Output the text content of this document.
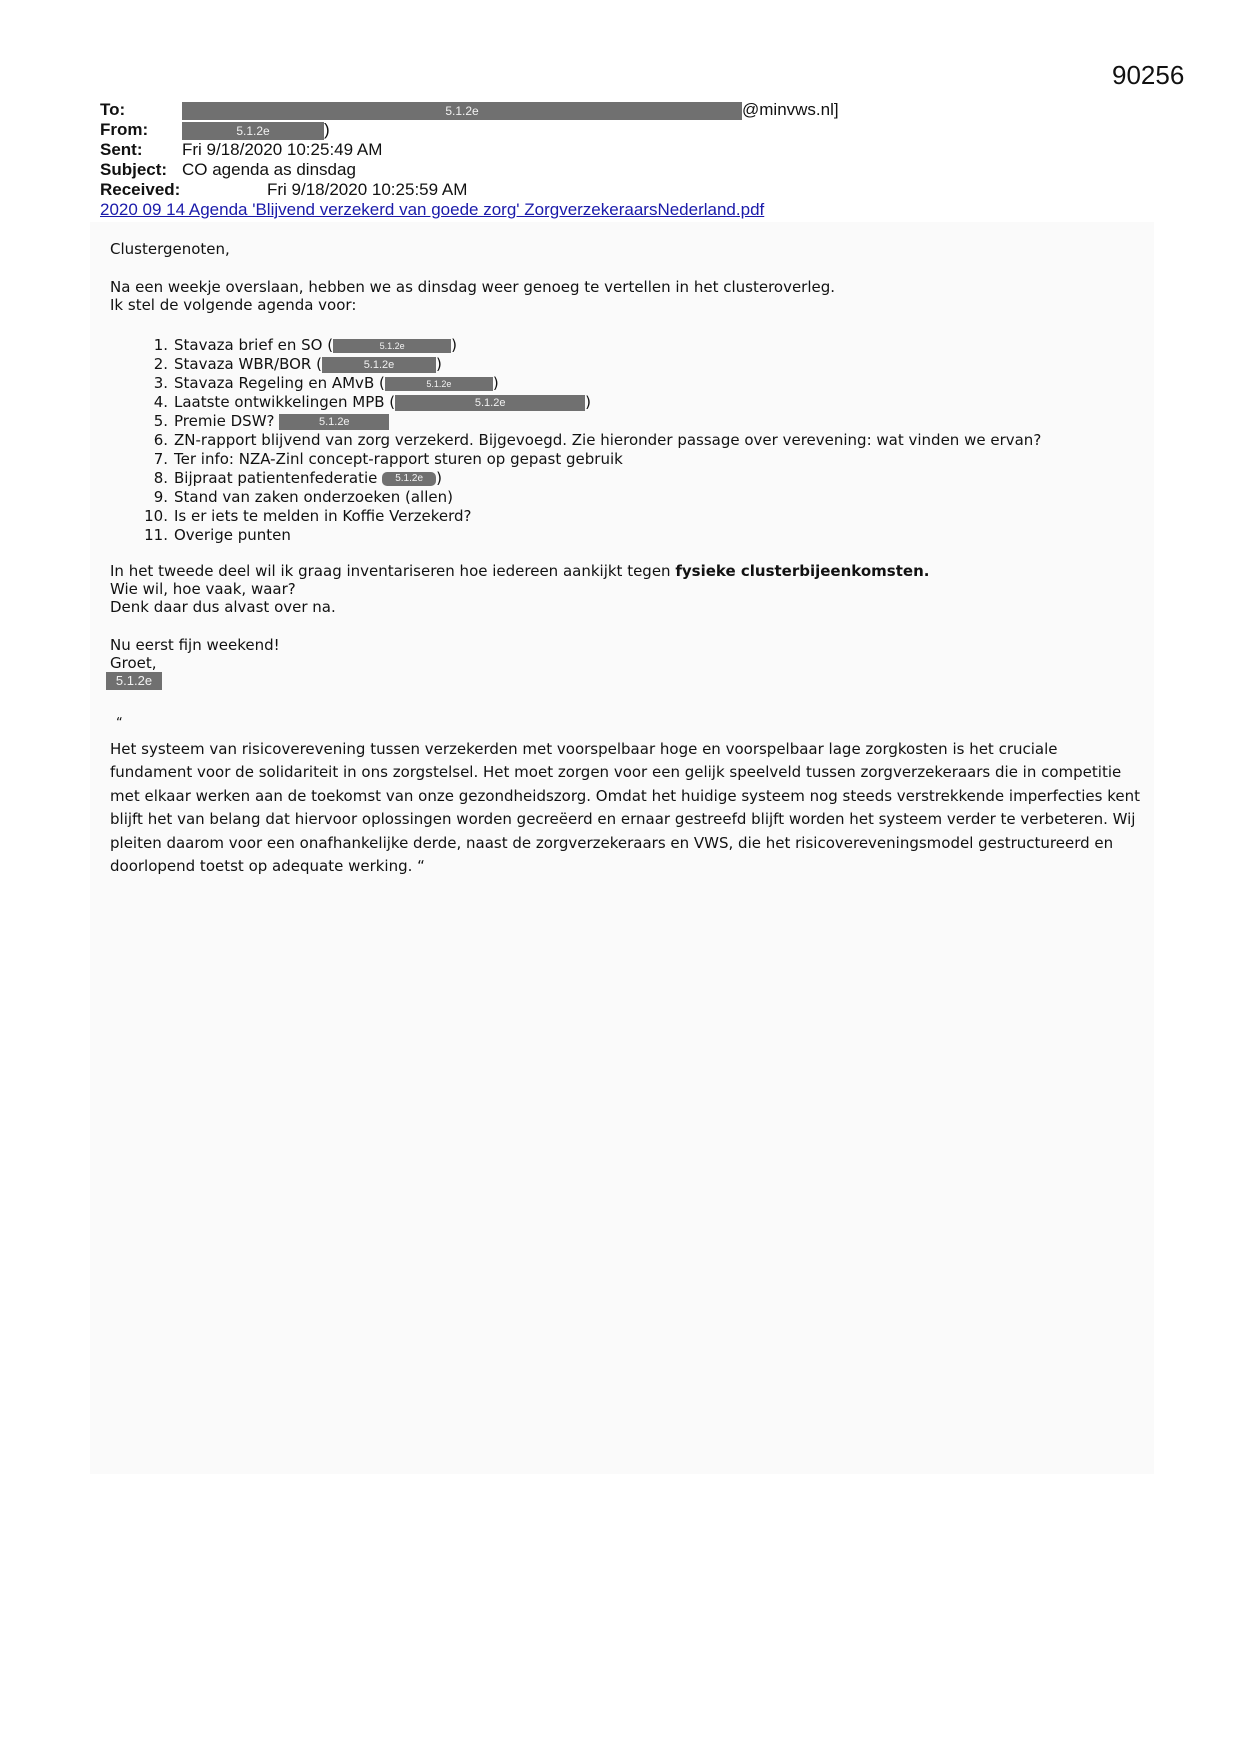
90256
To:	5.1.2e	@minvws.nl]
From:	5.1.2e	)
Sent: Fri 9/18/2020 10:25:49 AM
Subject: CO agenda as dinsdag
Received:	Fri 9/18/2020 10:25:59 AM
2020 09 14 Agenda 'Blijvend verzekerd van goede zorg' ZorgverzekeraarsNederland.pdf
Clustergenoten,
Na een weekje overslaan, hebben we as dinsdag weer genoeg te vertellen in het clusteroverleg.
Ik stel de volgende agenda voor:
1. Stavaza brief en SO (	5.1.2e	)
2. Stavaza WBR/BOR (	5.1.2e	)
3. Stavaza Regeling en AMvB (	5.1.2e	)
4. Laatste ontwikkelingen MPB (	5.1.2e	)
5. Premie DSW?	5.1.2e
6. ZN-rapport blijvend van zorg verzekerd. Bijgevoegd. Zie hieronder passage over verevening: wat vinden we ervan?
7. Ter info: NZA-Zinl concept-rapport sturen op gepast gebruik
8. Bijpraat patientenfederatie 5.1.2e )
9. Stand van zaken onderzoeken (allen)
10. Is er iets te melden in Koffie Verzekerd?
11. Overige punten
In het tweede deel wil ik graag inventariseren hoe iedereen aankijkt tegen fysieke clusterbijeenkomsten.
Wie wil, hoe vaak, waar?
Denk daar dus alvast over na.
Nu eerst fijn weekend!
Groet,
5.1.2e
“
Het systeem van risicoverevening tussen verzekerden met voorspelbaar hoge en voorspelbaar lage zorgkosten is het cruciale fundament voor de solidariteit in ons zorgstelsel. Het moet zorgen voor een gelijk speelveld tussen zorgverzekeraars die in competitie met elkaar werken aan de toekomst van onze gezondheidszorg. Omdat het huidige systeem nog steeds verstrekkende imperfecties kent blijft het van belang dat hiervoor oplossingen worden gecreëerd en ernaar gestreefd blijft worden het systeem verder te verbeteren. Wij pleiten daarom voor een onafhankelijke derde, naast de zorgverzekeraars en VWS, die het risicovereveningsmodel gestructureerd en doorlopend toetst op adequate werking. “
